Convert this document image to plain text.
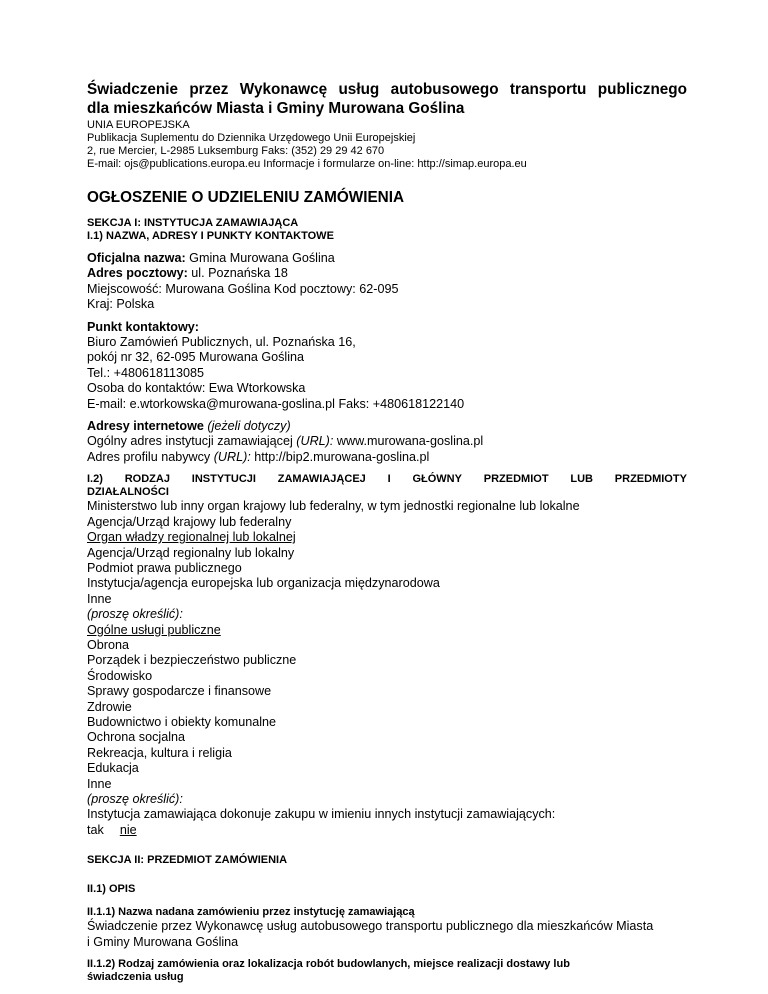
Świadczenie przez Wykonawcę usług autobusowego transportu publicznego
dla mieszkańców Miasta i Gminy Murowana Goślina
UNIA EUROPEJSKA
Publikacja Suplementu do Dziennika Urzędowego Unii Europejskiej
2, rue Mercier, L-2985 Luksemburg Faks: (352) 29 29 42 670
E-mail: ojs@publications.europa.eu Informacje i formularze on-line: http://simap.europa.eu
OGŁOSZENIE O UDZIELENIU ZAMÓWIENIA
SEKCJA I: INSTYTUCJA ZAMAWIAJĄCA
I.1) NAZWA, ADRESY I PUNKTY KONTAKTOWE
Oficjalna nazwa: Gmina Murowana Goślina
Adres pocztowy: ul. Poznańska 18
Miejscowość: Murowana Goślina Kod pocztowy: 62-095
Kraj: Polska
Punkt kontaktowy:
Biuro Zamówień Publicznych, ul. Poznańska 16,
pokój nr 32, 62-095 Murowana Goślina
Tel.: +480618113085
Osoba do kontaktów: Ewa Wtorkowska
E-mail: e.wtorkowska@murowana-goslina.pl Faks: +480618122140
Adresy internetowe (jeżeli dotyczy)
Ogólny adres instytucji zamawiającej (URL): www.murowana-goslina.pl
Adres profilu nabywcy (URL): http://bip2.murowana-goslina.pl
I.2) RODZAJ INSTYTUCJI ZAMAWIAJĄCEJ I GŁÓWNY PRZEDMIOT LUB PRZEDMIOTY
DZIAŁALNOŚCI
Ministerstwo lub inny organ krajowy lub federalny, w tym jednostki regionalne lub lokalne
Agencja/Urząd krajowy lub federalny
Organ władzy regionalnej lub lokalnej
Agencja/Urząd regionalny lub lokalny
Podmiot prawa publicznego
Instytucja/agencja europejska lub organizacja międzynarodowa
Inne
(proszę określić):
Ogólne usługi publiczne
Obrona
Porządek i bezpieczeństwo publiczne
Środowisko
Sprawy gospodarcze i finansowe
Zdrowie
Budownictwo i obiekty komunalne
Ochrona socjalna
Rekreacja, kultura i religia
Edukacja
Inne
(proszę określić):
Instytucja zamawiająca dokonuje zakupu w imieniu innych instytucji zamawiających:
tak nie
SEKCJA II: PRZEDMIOT ZAMÓWIENIA
II.1) OPIS
II.1.1) Nazwa nadana zamówieniu przez instytucję zamawiającą
Świadczenie przez Wykonawcę usług autobusowego transportu publicznego dla mieszkańców Miasta
i Gminy Murowana Goślina
II.1.2) Rodzaj zamówienia oraz lokalizacja robót budowlanych, miejsce realizacji dostawy lub
świadczenia usług
